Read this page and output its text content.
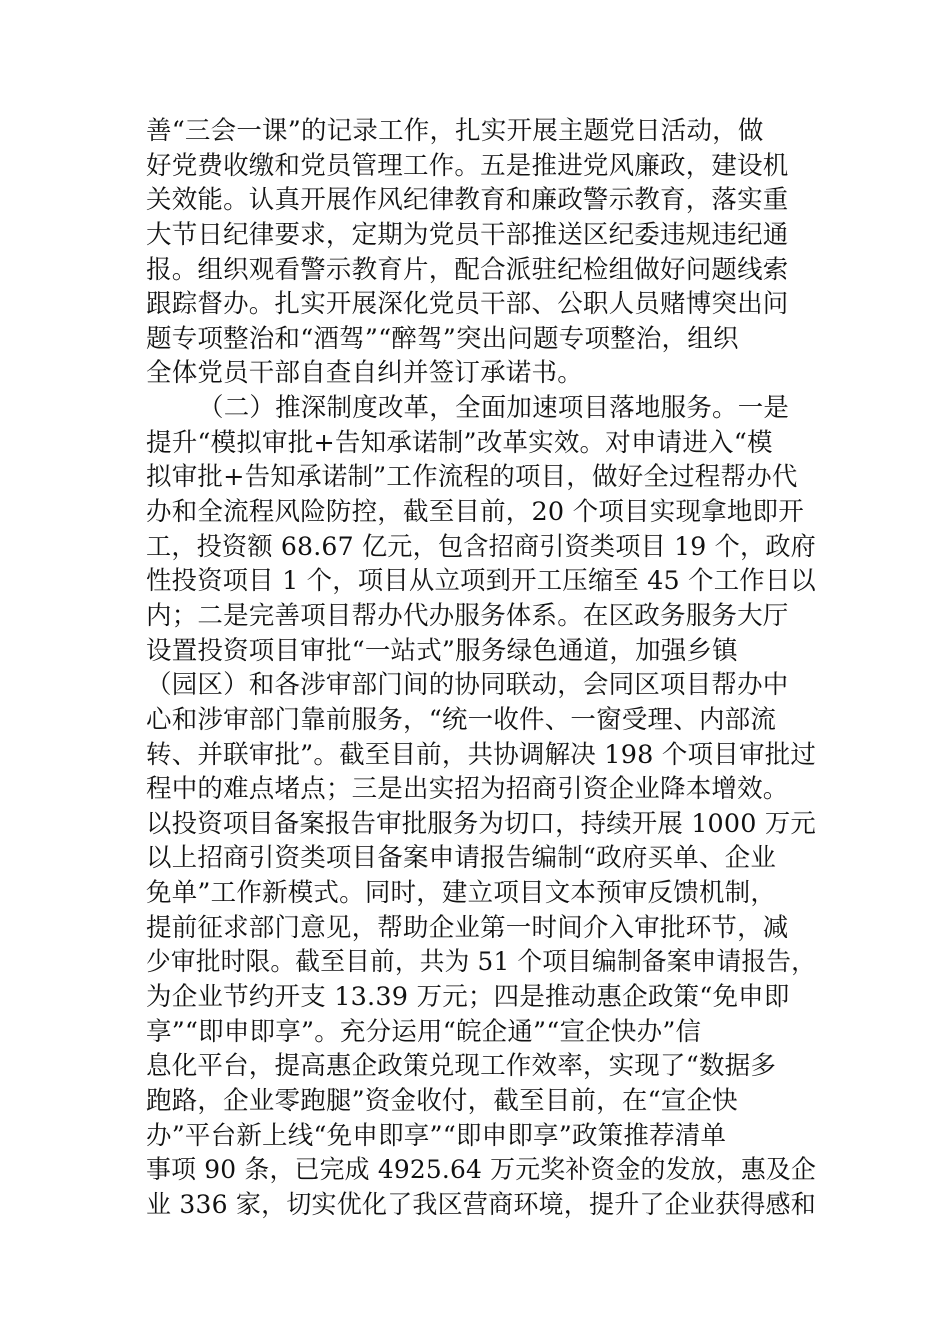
善“三会一课”的记录工作，扎实开展主题党日活动，做
好党费收缴和党员管理工作。五是推进党风廉政，建设机
关效能。认真开展作风纪律教育和廉政警示教育，落实重
大节日纪律要求，定期为党员干部推送区纪委违规违纪通
报。组织观看警示教育片，配合派驻纪检组做好问题线索
跟踪督办。扎实开展深化党员干部、公职人员赌博突出问
题专项整治和“酒驾”“醉驾”突出问题专项整治，组织
全体党员干部自查自纠并签订承诺书。
（二）推深制度改革，全面加速项目落地服务。一是
提升“模拟审批+告知承诺制”改革实效。对申请进入“模
拟审批+告知承诺制”工作流程的项目，做好全过程帮办代
办和全流程风险防控，截至目前，20 个项目实现拿地即开
工，投资额 68.67 亿元，包含招商引资类项目 19 个，政府
性投资项目 1 个，项目从立项到开工压缩至 45 个工作日以
内；二是完善项目帮办代办服务体系。在区政务服务大厅
设置投资项目审批“一站式”服务绿色通道，加强乡镇
（园区）和各涉审部门间的协同联动，会同区项目帮办中
心和涉审部门靠前服务，“统一收件、一窗受理、内部流
转、并联审批”。截至目前，共协调解决 198 个项目审批过
程中的难点堵点；三是出实招为招商引资企业降本增效。
以投资项目备案报告审批服务为切口，持续开展 1000 万元
以上招商引资类项目备案申请报告编制“政府买单、企业
免单”工作新模式。同时，建立项目文本预审反馈机制，
提前征求部门意见，帮助企业第一时间介入审批环节，减
少审批时限。截至目前，共为 51 个项目编制备案申请报告，
为企业节约开支 13.39 万元；四是推动惠企政策“免申即
享”“即申即享”。充分运用“皖企通”“宣企快办”信
息化平台，提高惠企政策兑现工作效率，实现了“数据多
跑路，企业零跑腿”资金收付，截至目前，在“宣企快
办”平台新上线“免申即享”“即申即享”政策推荐清单
事项 90 条，已完成 4925.64 万元奖补资金的发放，惠及企
业 336 家，切实优化了我区营商环境，提升了企业获得感和
